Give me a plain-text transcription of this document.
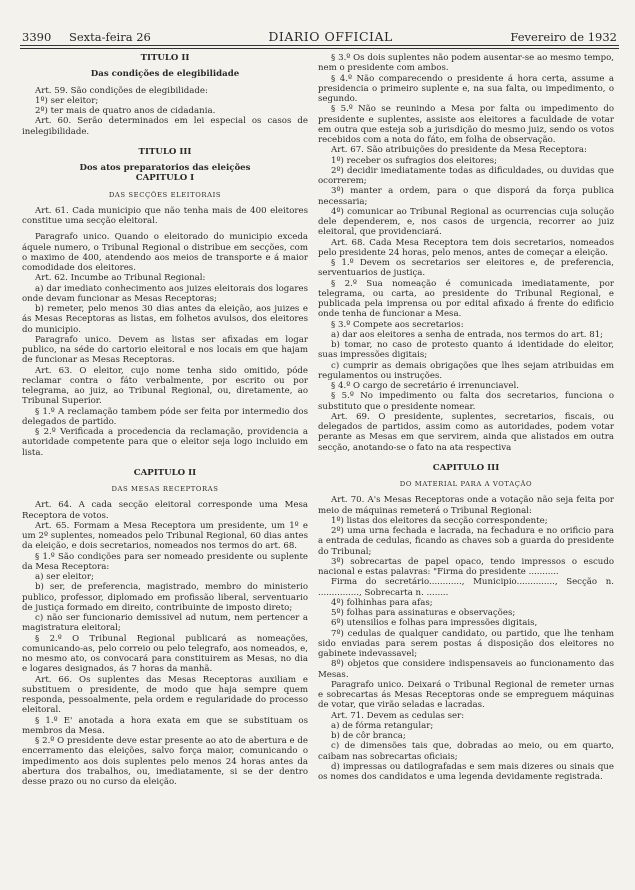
3390 Sexta-feira 26	DIARIO OFFICIAL	Fevereiro de 1932

TITULO II

Das condições de elegibilidade

Art. 59. São condições de elegibilidade:

1º) ser eleitor;

2º) ter mais de quatro anos de cidadania.

Art. 60. Serão determinados em lei especial os casos de inelegibilidade.

TITULO III

Dos atos preparatorios das eleições

CAPITULO I

DAS SECÇÕES ELEITORAIS

Art. 61. Cada municipio que não tenha mais de 400 eleitores constitue uma secção eleitoral.

Paragrafo unico. Quando o eleitorado do municipio exceda áquele numero, o Tribunal Regional o distribue em secções, com o maximo de 400, atendendo aos meios de transporte e á maior comodidade dos eleitores.

Art. 62. Incumbe ao Tribunal Regional:

a) dar imediato conhecimento aos juizes eleitorais dos logares onde devam funcionar as Mesas Receptoras;

b) remeter, pelo menos 30 dias antes da eleição, aos juizes e ás Mesas Receptoras as listas, em folhetos avulsos, dos eleitores do municipio.

Paragrafo unico. Devem as listas ser afixadas em logar publico, na séde do cartorio eleitoral e nos locais em que hajam de funcionar as Mesas Receptoras.

Art. 63. O eleitor, cujo nome tenha sido omitido, póde reclamar contra o fáto verbalmente, por escrito ou por telegrama, ao juiz, ao Tribunal Regional, ou, diretamente, ao Tribunal Superior.

§ 1.º A reclamação tambem póde ser feita por intermedio dos delegados de partido.

§ 2.º Verificada a procedencia da reclamação, providencia a autoridade competente para que o eleitor seja logo incluido em lista.

CAPITULO II

DAS MESAS RECEPTORAS

Art. 64. A cada secção eleitoral corresponde uma Mesa Receptora de votos.

Art. 65. Formam a Mesa Receptora um presidente, um 1º e um 2º suplentes, nomeados pelo Tribunal Regional, 60 dias antes da eleição, e dois secretarios, nomeados nos termos do art. 68.

§ 1.º São condições para ser nomeado presidente ou suplente da Mesa Receptora:

a) ser eleitor;

b) ser, de preferencia, magistrado, membro do ministerio publico, professor, diplomado em profissão liberal, serventuario de justiça formado em direito, contribuinte de imposto direto;

c) não ser funcionario demissivel ad nutum, nem pertencer a magistratura eleitoral;

§ 2.º O Tribunal Regional publicará as nomeações, comunicando-as, pelo correio ou pelo telegrafo, aos nomeados, e, no mesmo ato, os convocará para constituirem as Mesas, no dia e logares designados, ás 7 horas da manhã.

Art. 66. Os suplentes das Mesas Receptoras auxiliam e substituem o presidente, de modo que haja sempre quem responda, pessoalmente, pela ordem e regularidade do processo eleitoral.

§ 1.º E' anotada a hora exata em que se substituam os membros da Mesa.

§ 2.º O presidente deve estar presente ao ato de abertura e de encerramento das eleições, salvo força maior, comunicando o impedimento aos dois suplentes pelo menos 24 horas antes da abertura dos trabalhos, ou, imediatamente, si se der dentro desse prazo ou no curso da eleição.

§ 3.º Os dois suplentes não podem ausentar-se ao mesmo tempo, nem o presidente com ambos.

§ 4.º Não comparecendo o presidente á hora certa, assume a presidencia o primeiro suplente e, na sua falta, ou impedimento, o segundo.

§ 5.º Não se reunindo a Mesa por falta ou impedimento do presidente e suplentes, assiste aos eleitores a faculdade de votar em outra que esteja sob a jurisdição do mesmo juiz, sendo os votos recebidos com a nota do fáto, em folha de observação.

Art. 67. São atribuições do presidente da Mesa Receptora:

1º) receber os sufragios dos eleitores;

2º) decidir imediatamente todas as dificuldades, ou duvidas que ocorrerem;

3º) manter a ordem, para o que disporá da força publica necessaria;

4º) comunicar ao Tribunal Regional as ocurrencias cuja solução dele dependerem, e, nos casos de urgencia, recorrer ao juiz eleitoral, que providenciará.

Art. 68. Cada Mesa Receptora tem dois secretarios, nomeados pelo presidente 24 horas, pelo menos, antes de começar a eleição.

§ 1.º Devem os secretarios ser eleitores e, de preferencia, serventuarios de justiça.

§ 2.º Sua nomeação é comunicada imediatamente, por telegrama, ou carta, ao presidente do Tribunal Regional, e publicada pela imprensa ou por edital afixado á frente do edificio onde tenha de funcionar a Mesa.

§ 3.º Compete aos secretarios:

a) dar aos eleitores a senha de entrada, nos termos do art. 81;

b) tomar, no caso de protesto quanto á identidade do eleitor, suas impressões digitais;

c) cumprir as demais obrigações que lhes sejam atribuidas em regulamentos ou instruções.

§ 4.º O cargo de secretário é irrenunciavel.

§ 5.º No impedimento ou falta dos secretarios, funciona o substituto que o presidente nomear.

Art. 69. O presidente, suplentes, secretarios, fiscais, ou delegados de partidos, assim como as autoridades, podem votar perante as Mesas em que servirem, ainda que alistados em outra secção, anotando-se o fato na ata respectiva

CAPITULO III

DO MATERIAL PARA A VOTAÇÃO

Art. 70. A's Mesas Receptoras onde a votação não seja feita por meio de máquinas remeterá o Tribunal Regional:

1º) listas dos eleitores da secção correspondente;

2º) uma urna fechada e lacrada, na fechadura e no orificio para a entrada de cedulas, ficando as chaves sob a guarda do presidente do Tribunal;

3º) sobrecartas de papel opaco, tendo impressos o escudo nacional e estas palavras: "Firma do presidente ...........

Firma do secretário............, Municipio.............., Secção n. ..............., Sobrecarta n. ........

4º) folhinhas para afas;

5º) folhas para assinaturas e observações;

6º) utensilios e folhas para impressões digitais,

7º) cedulas de qualquer candidato, ou partido, que lhe tenham sido enviadas para serem postas á disposição dos eleitores no gabinete indevassavel;

8º) objetos que considere indispensaveis ao funcionamento das Mesas.

Paragrafo unico. Deixará o Tribunal Regional de remeter urnas e sobrecartas ás Mesas Receptoras onde se empreguem máquinas de votar, que virão seladas e lacradas.

Art. 71. Devem as cedulas ser:

a) de fórma retangular;

b) de côr branca;

c) de dimensões tais que, dobradas ao meio, ou em quarto, caibam nas sobrecartas oficiais;

d) impressas ou datilografadas e sem mais dizeres ou sinais que os nomes dos candidatos e uma legenda devidamente registrada.
